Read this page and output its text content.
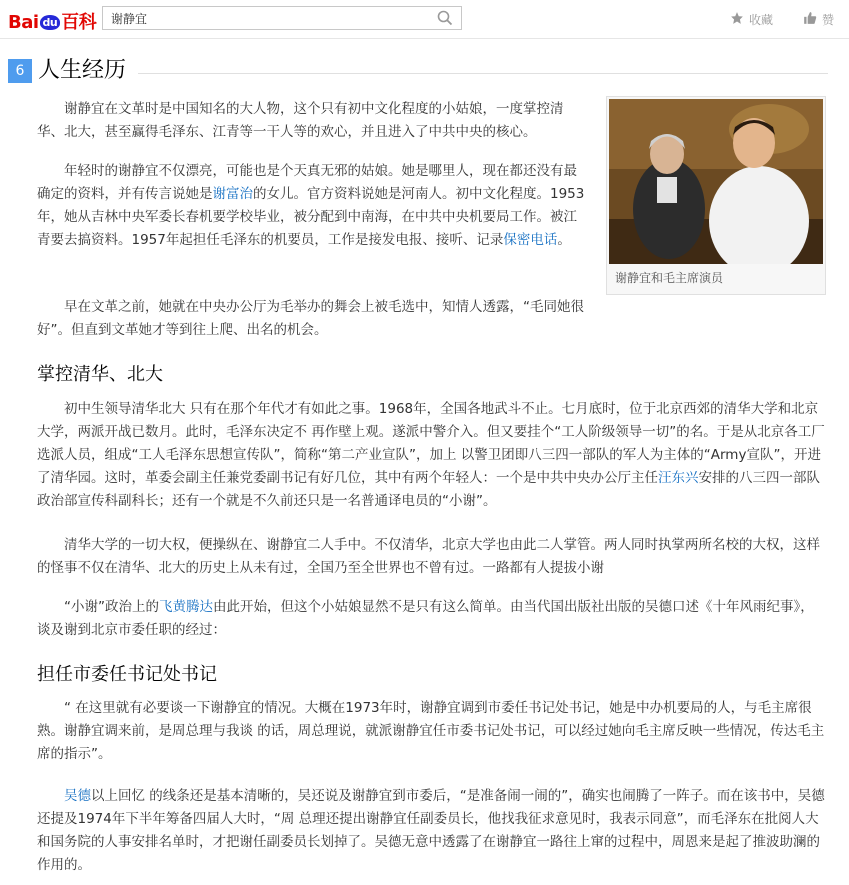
Bai du 百科
谢静宜	收藏	赞
6 人生经历
谢静宜和毛主席演员

谢静宜在文革时是中国知名的大人物，这个只有初中文化程度的小姑娘，一度掌控清华、北大，甚至赢得毛泽东、江青等一干人等的欢心，并且进入了中共中央的核心。

年轻时的谢静宜不仅漂亮，可能也是个天真无邪的姑娘。她是哪里人，现在都还没有最确定的资料，并有传言说她是谢富治的女儿。官方资料说她是河南人。初中文化程度。1953年，她从吉林中央军委长春机要学校毕业，被分配到中南海，在中共中央机要局工作。被江青要去搞资料。1957年起担任毛泽东的机要员，工作是接发电报、接听、记录保密电话。

早在文革之前，她就在中央办公厅为毛举办的舞会上被毛选中，知情人透露，“毛同她很好”。但直到文革她才等到往上爬、出名的机会。

掌控清华、北大

初中生领导清华北大 只有在那个年代才有如此之事。1968年，全国各地武斗不止。七月底时，位于北京西郊的清华大学和北京大学，两派开战已数月。此时，毛泽东决定不 再作壁上观。遂派中警介入。但又要挂个“工人阶级领导一切”的名。于是从北京各工厂选派人员，组成“工人毛泽东思想宣传队”，简称“第二产业宣队”，加上 以警卫团即八三四一部队的军人为主体的“Army宣队”，开进了清华园。这时，革委会副主任兼党委副书记有好几位，其中有两个年轻人：一个是中共中央办公厅主任汪东兴安排的八三四一部队政治部宣传科副科长；还有一个就是不久前还只是一名普通译电员的“小谢”。

清华大学的一切大权，便操纵在、谢静宜二人手中。不仅清华，北京大学也由此二人掌管。两人同时执掌两所名校的大权，这样的怪事不仅在清华、北大的历史上从未有过，全国乃至全世界也不曾有过。一路都有人提拔小谢

“小谢”政治上的飞黄腾达由此开始，但这个小姑娘显然不是只有这么简单。由当代国出版社出版的吴德口述《十年风雨纪事》，谈及谢到北京市委任职的经过：

担任市委任书记处书记

“ 在这里就有必要谈一下谢静宜的情况。大概在1973年时，谢静宜调到市委任书记处书记，她是中办机要局的人，与毛主席很熟。谢静宜调来前，是周总理与我谈 的话，周总理说，就派谢静宜任市委书记处书记，可以经过她向毛主席反映一些情况，传达毛主席的指示”。

吴德以上回忆 的线条还是基本清晰的，吴还说及谢静宜到市委后，“是准备闹一闹的”，确实也闹腾了一阵子。而在该书中，吴德还提及1974年下半年筹备四届人大时，“周 总理还提出谢静宜任副委员长，他找我征求意见时，我表示同意”，而毛泽东在批阅人大和国务院的人事安排名单时，才把谢任副委员长划掉了。吴德无意中透露了在谢静宜一路往上窜的过程中，周恩来是起了推波助澜的作用的。
